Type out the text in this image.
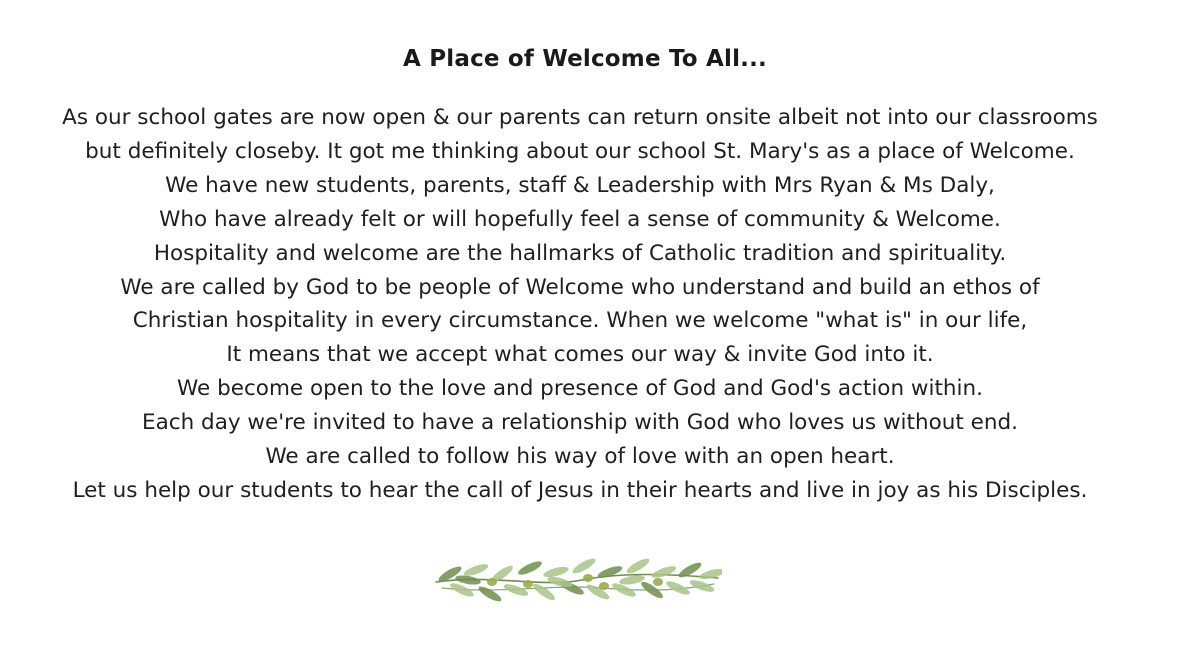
A Place of Welcome To All...
As our school gates are now open & our parents can return onsite albeit not into our classrooms
but definitely closeby. It got me thinking about our school St. Mary's as a place of Welcome.
We have new students, parents, staff & Leadership with Mrs Ryan & Ms Daly,
Who have already felt or will hopefully feel a sense of community & Welcome.
Hospitality and welcome are the hallmarks of Catholic tradition and spirituality.
We are called by God to be people of Welcome who understand and build an ethos of
Christian hospitality in every circumstance. When we welcome "what is" in our life,
It means that we accept what comes our way & invite God into it.
We become open to the love and presence of God and God's action within.
Each day we're invited to have a relationship with God who loves us without end.
We are called to follow his way of love with an open heart.
Let us help our students to hear the call of Jesus in their hearts and live in joy as his Disciples.
